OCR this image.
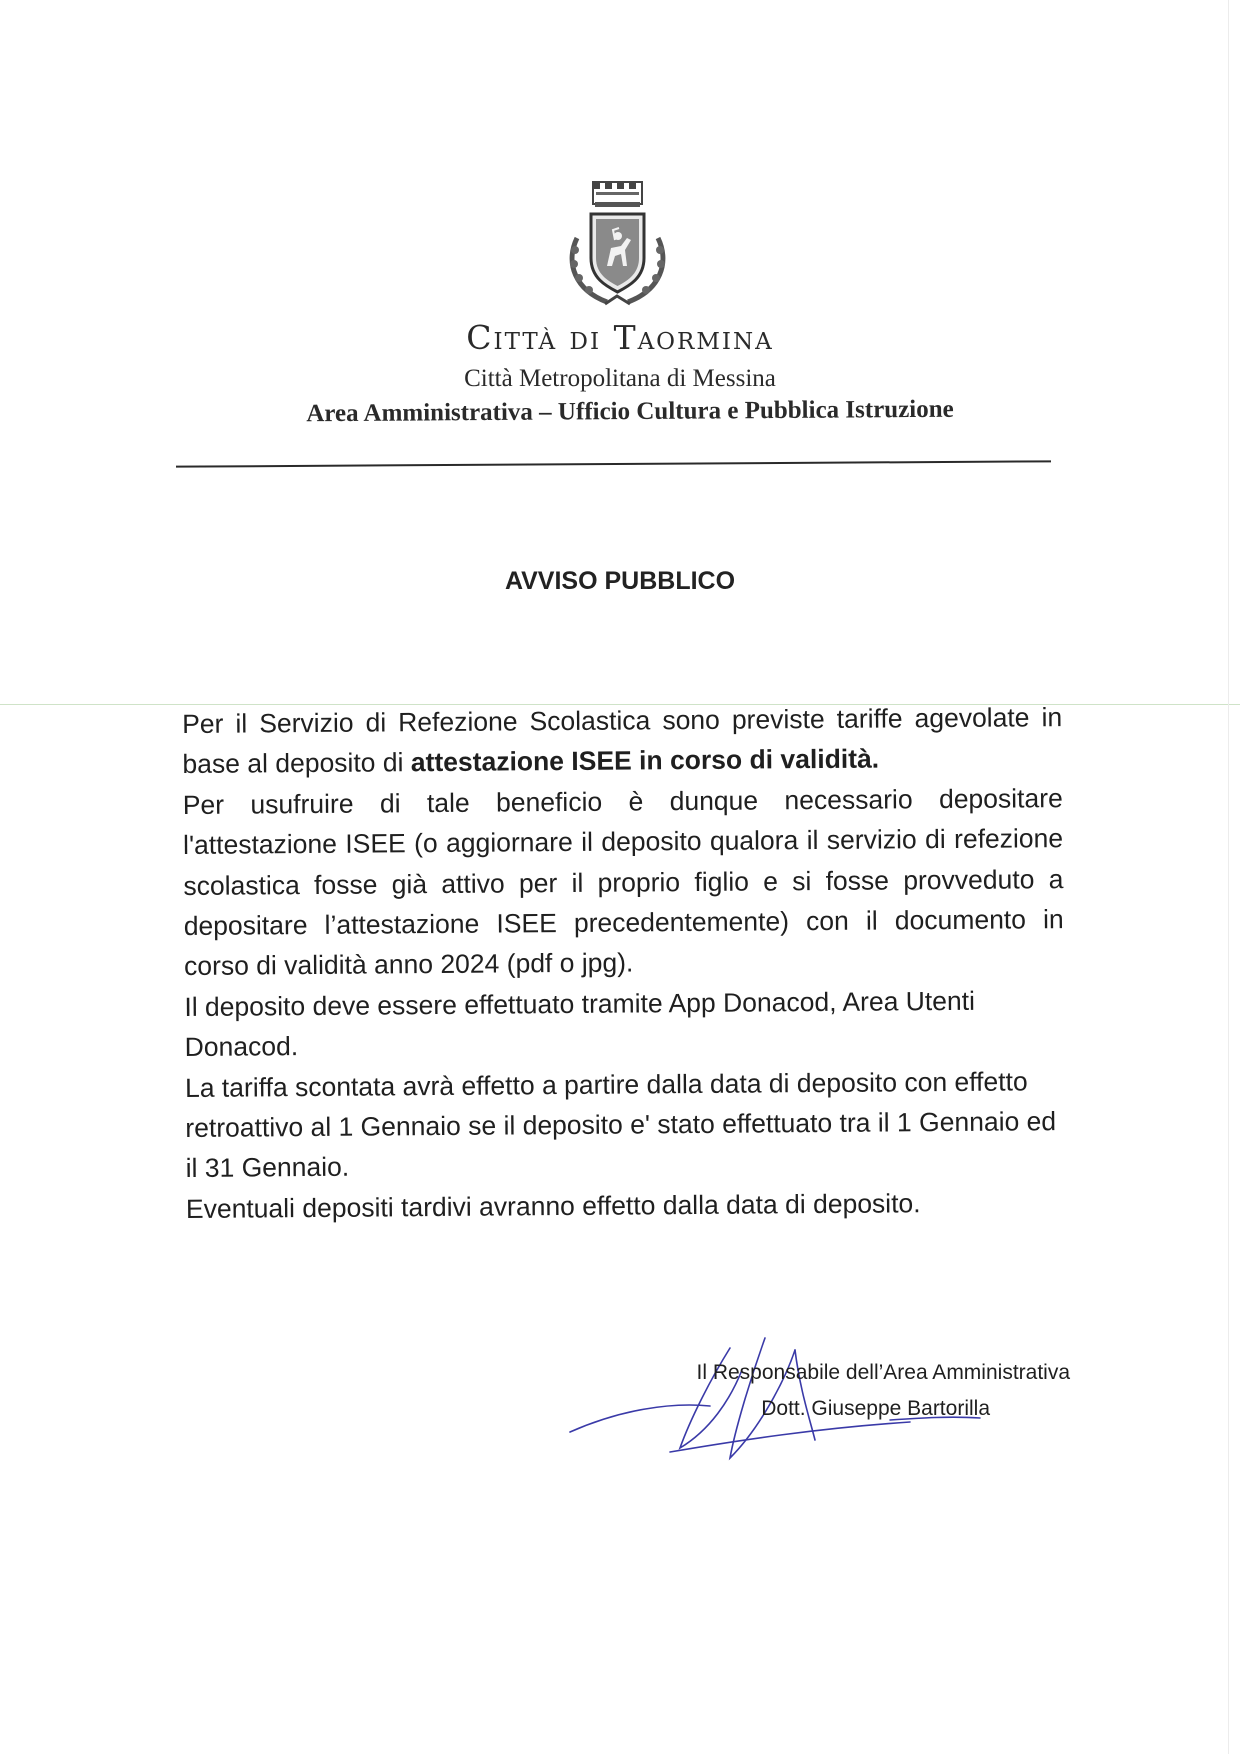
Città di Taormina
Città Metropolitana di Messina
Area Amministrativa – Ufficio Cultura e Pubblica Istruzione
AVVISO PUBBLICO

Per il Servizio di Refezione Scolastica sono previste tariffe agevolate in base al deposito di attestazione ISEE in corso di validità.

Per usufruire di tale beneficio è dunque necessario depositare l'attestazione ISEE (o aggiornare il deposito qualora il servizio di refezione scolastica fosse già attivo per il proprio figlio e si fosse provveduto a depositare l’attestazione ISEE precedentemente) con il documento in corso di validità anno 2024 (pdf o jpg).

Il deposito deve essere effettuato tramite App Donacod, Area Utenti Donacod.

La tariffa scontata avrà effetto a partire dalla data di deposito con effetto retroattivo al 1 Gennaio se il deposito e' stato effettuato tra il 1 Gennaio ed il 31 Gennaio.

Eventuali depositi tardivi avranno effetto dalla data di deposito.

Il Responsabile dell’Area Amministrativa
Dott. Giuseppe Bartorilla
